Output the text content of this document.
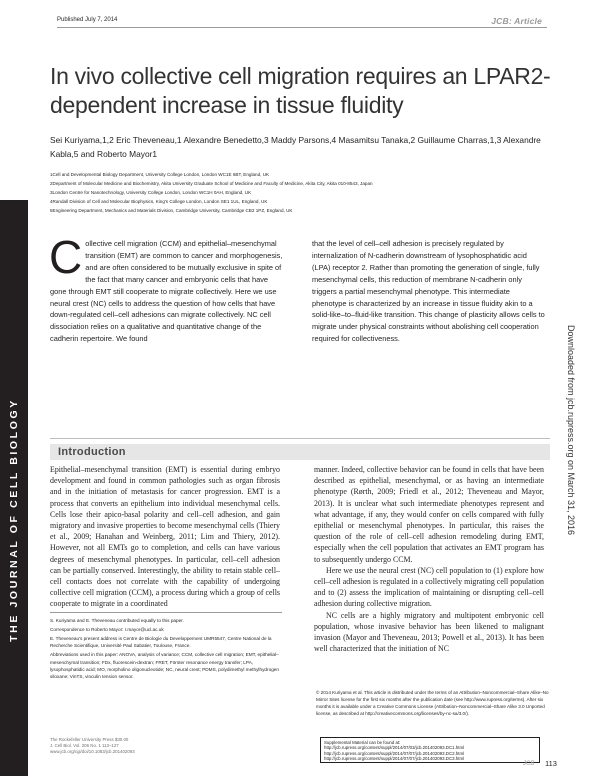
Published July 7, 2014	JCB: Article
In vivo collective cell migration requires an LPAR2-dependent increase in tissue fluidity
Sei Kuriyama,1,2 Eric Theveneau,1 Alexandre Benedetto,3 Maddy Parsons,4 Masamitsu Tanaka,2 Guillaume Charras,1,3 Alexandre Kabla,5 and Roberto Mayor1
1Cell and Developmental Biology Department, University College London, London WC1E 6BT, England, UK
2Department of Molecular Medicine and Biochemistry, Akita University Graduate School of Medicine and Faculty of Medicine, Akita City, Akita 010-8543, Japan
3London Centre for Nanotechnology, University College London, London WC1H 0AH, England, UK
4Randall Division of Cell and Molecular Biophysics, King's College London, London SE1 1UL, England, UK
5Engineering Department, Mechanics and Materials Division, Cambridge University, Cambridge CB2 1PZ, England, UK
THE JOURNAL OF CELL BIOLOGY	Downloaded from jcb.rupress.org on March 31, 2016
Collective cell migration (CCM) and epithelial–mesenchymal transition (EMT) are common to cancer and morphogenesis, and are often considered to be mutually exclusive in spite of the fact that many cancer and embryonic cells that have gone through EMT still cooperate to migrate collectively. Here we use neural crest (NC) cells to address the question of how cells that have down-regulated cell–cell adhesions can migrate collectively. NC cell dissociation relies on a qualitative and quantitative change of the cadherin repertoire. We found
that the level of cell–cell adhesion is precisely regulated by internalization of N-cadherin downstream of lysophosphatidic acid (LPA) receptor 2. Rather than promoting the generation of single, fully mesenchymal cells, this reduction of membrane N-cadherin only triggers a partial mesenchymal phenotype. This intermediate phenotype is characterized by an increase in tissue fluidity akin to a solid-like–to–fluid-like transition. This change of plasticity allows cells to migrate under physical constraints without abolishing cell cooperation required for collectiveness.
Introduction

Epithelial–mesenchymal transition (EMT) is essential during embryo development and found in common pathologies such as organ fibrosis and in the initiation of metastasis for cancer progression. EMT is a process that converts an epithelium into individual mesenchymal cells. Cells lose their apico-basal polarity and cell–cell adhesion, and gain migratory and invasive properties to become mesenchymal cells (Thiery et al., 2009; Hanahan and Weinberg, 2011; Lim and Thiery, 2012). However, not all EMTs go to completion, and cells can have various degrees of mesenchymal phenotypes. In particular, cell–cell adhesion can be partially conserved. Interestingly, the ability to retain stable cell–cell contacts does not correlate with the capability of undergoing collective cell migration (CCM), a process during which a group of cells cooperate to migrate in a coordinated

manner. Indeed, collective behavior can be found in cells that have been described as epithelial, mesenchymal, or as having an intermediate phenotype (Rørth, 2009; Friedl et al., 2012; Theveneau and Mayor, 2013). It is unclear what such intermediate phenotypes represent and what advantage, if any, they would confer on cells compared with fully epithelial or mesenchymal phenotypes. In particular, this raises the question of the role of cell–cell adhesion remodeling during EMT, especially when the cell population that activates an EMT program has to subsequently undergo CCM.

Here we use the neural crest (NC) cell population to (1) explore how cell–cell adhesion is regulated in a collectively migrating cell population and to (2) assess the implication of maintaining or disrupting cell–cell adhesion during collective migration.

NC cells are a highly migratory and multipotent embryonic cell population, whose invasive behavior has been likened to malignant invasion (Mayor and Theveneau, 2013; Powell et al., 2013). It has been well characterized that the initiation of NC

S. Kuriyama and E. Theveneau contributed equally to this paper.

Correspondence to Roberto Mayor: r.mayor@ucl.ac.uk

E. Theveneau's present address is Centre de Biologie du Developpement UMR5547, Centre National de la Recherche Scientifique, Université Paul Sabatier, Toulouse, France.

Abbreviations used in this paper: ANOVA, analysis of variance; CCM, collective cell migration; EMT, epithelial–mesenchymal transition; FDx, fluorescein-dextran; FRET, Förster resonance energy transfer; LPA, lysophosphatidic acid; MO, morpholino oligonucleotide; NC, neural crest; PDMS, polydimethyl methylhydrogen siloxane; VinTS, vinculin tension sensor.

© 2014 Kuriyama et al. This article is distributed under the terms of an Attribution–Noncommercial–Share Alike–No Mirror Sites license for the first six months after the publication date (see http://www.rupress.org/terms). After six months it is available under a Creative Commons License (Attribution–Noncommercial–Share Alike 3.0 Unported license, as described at http://creativecommons.org/licenses/by-nc-sa/3.0/).
Supplemental Material can be found at:
http://jcb.rupress.org/content/suppl/2014/07/03/jcb.201402093.DC1.html
http://jcb.rupress.org/content/suppl/2014/07/07/jcb.201402093.DC2.html
http://jcb.rupress.org/content/suppl/2014/07/07/jcb.201402093.DC3.html
The Rockefeller University Press $30.00
J. Cell Biol. Vol. 206 No. 1 113–127
www.jcb.org/cgi/doi/10.1083/jcb.201402093
JCB 113
